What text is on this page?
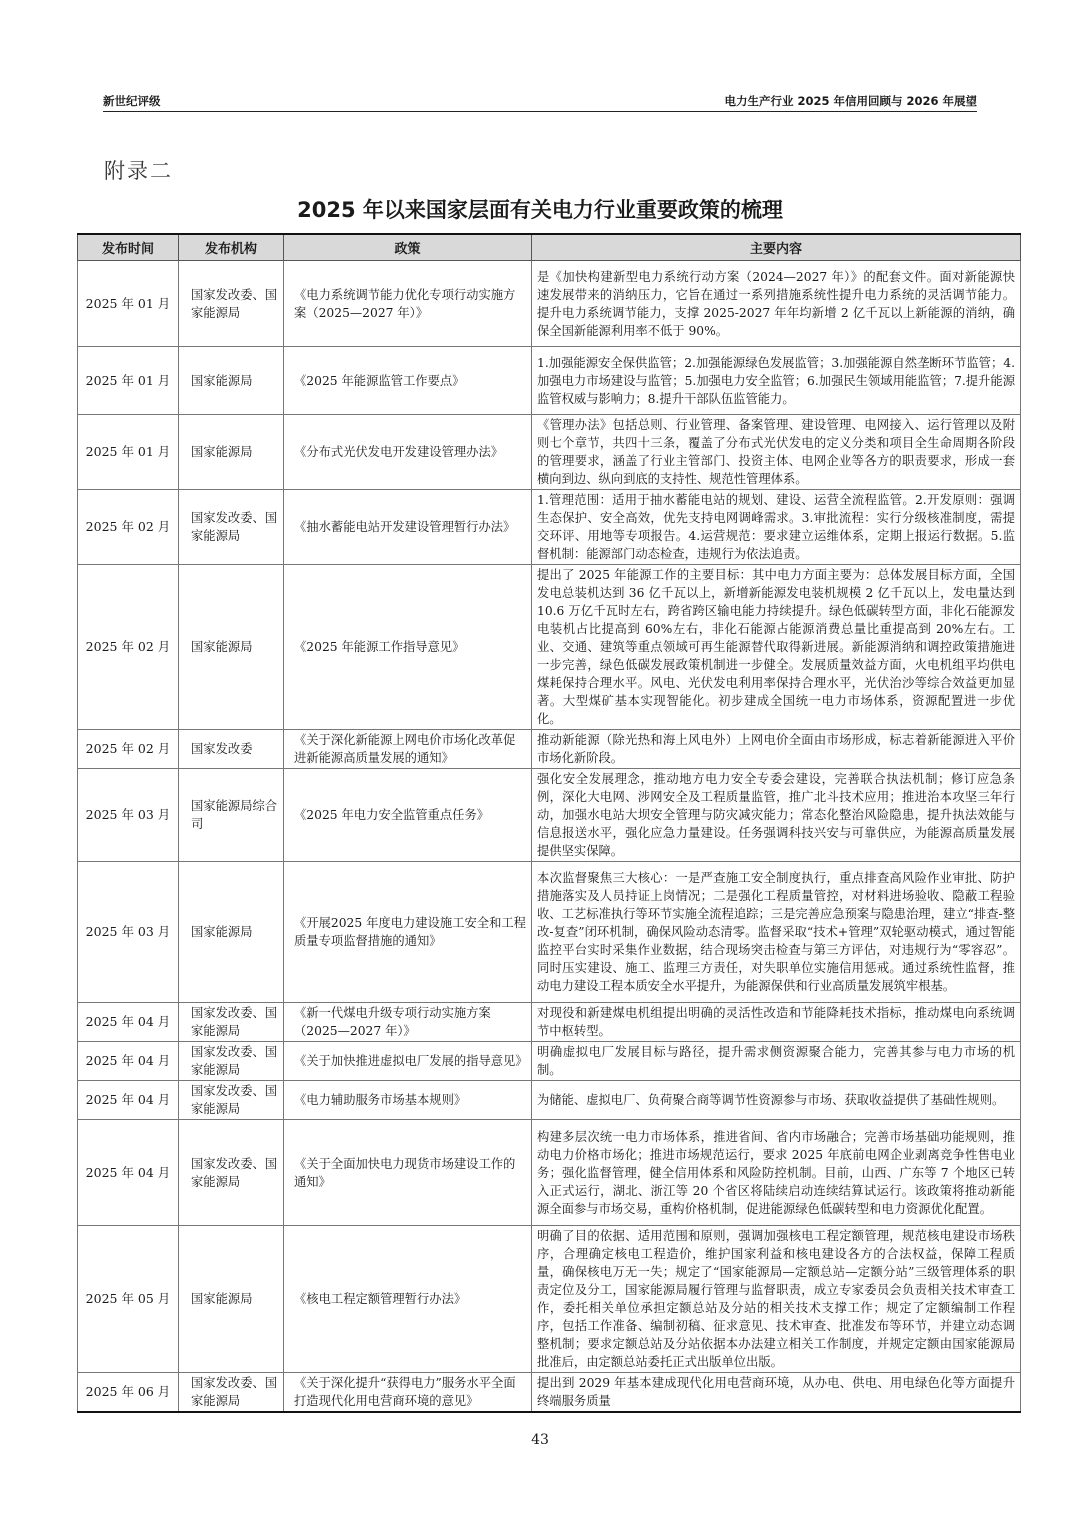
新世纪评级	电力生产行业 2025 年信用回顾与 2026 年展望
附录二
2025 年以来国家层面有关电力行业重要政策的梳理
发布时间	发布机构	政策	主要内容
2025 年 01 月	国家发改委、国家能源局	《电力系统调节能力优化专项行动实施方案（2025—2027 年）》	是《加快构建新型电力系统行动方案（2024—2027 年）》的配套文件。面对新能源快速发展带来的消纳压力，它旨在通过一系列措施系统性提升电力系统的灵活调节能力。提升电力系统调节能力，支撑 2025-2027 年年均新增 2 亿千瓦以上新能源的消纳，确保全国新能源利用率不低于 90%。
2025 年 01 月	国家能源局	《2025 年能源监管工作要点》	1.加强能源安全保供监管；2.加强能源绿色发展监管；3.加强能源自然垄断环节监管；4.加强电力市场建设与监管；5.加强电力安全监管；6.加强民生领域用能监管；7.提升能源监管权威与影响力；8.提升干部队伍监管能力。
2025 年 01 月	国家能源局	《分布式光伏发电开发建设管理办法》	《管理办法》包括总则、行业管理、备案管理、建设管理、电网接入、运行管理以及附则七个章节，共四十三条，覆盖了分布式光伏发电的定义分类和项目全生命周期各阶段的管理要求，涵盖了行业主管部门、投资主体、电网企业等各方的职责要求，形成一套横向到边、纵向到底的支持性、规范性管理体系。
2025 年 02 月	国家发改委、国家能源局	《抽水蓄能电站开发建设管理暂行办法》	1.管理范围：适用于抽水蓄能电站的规划、建设、运营全流程监管。2.开发原则：强调生态保护、安全高效，优先支持电网调峰需求。3.审批流程：实行分级核准制度，需提交环评、用地等专项报告。4.运营规范：要求建立运维体系，定期上报运行数据。5.监督机制：能源部门动态检查，违规行为依法追责。
2025 年 02 月	国家能源局	《2025 年能源工作指导意见》	提出了 2025 年能源工作的主要目标：其中电力方面主要为：总体发展目标方面，全国发电总装机达到 36 亿千瓦以上，新增新能源发电装机规模 2 亿千瓦以上，发电量达到 10.6 万亿千瓦时左右，跨省跨区输电能力持续提升。绿色低碳转型方面，非化石能源发电装机占比提高到 60%左右，非化石能源占能源消费总量比重提高到 20%左右。工业、交通、建筑等重点领域可再生能源替代取得新进展。新能源消纳和调控政策措施进一步完善，绿色低碳发展政策机制进一步健全。发展质量效益方面，火电机组平均供电煤耗保持合理水平。风电、光伏发电利用率保持合理水平，光伏治沙等综合效益更加显著。大型煤矿基本实现智能化。初步建成全国统一电力市场体系，资源配置进一步优化。
2025 年 02 月	国家发改委	《关于深化新能源上网电价市场化改革促进新能源高质量发展的通知》	推动新能源（除光热和海上风电外）上网电价全面由市场形成，标志着新能源进入平价市场化新阶段。
2025 年 03 月	国家能源局综合司	《2025 年电力安全监管重点任务》	强化安全发展理念，推动地方电力安全专委会建设，完善联合执法机制；修订应急条例，深化大电网、涉网安全及工程质量监管，推广北斗技术应用；推进治本攻坚三年行动，加强水电站大坝安全管理与防灾减灾能力；常态化整治风险隐患，提升执法效能与信息报送水平，强化应急力量建设。任务强调科技兴安与可靠供应，为能源高质量发展提供坚实保障。
2025 年 03 月	国家能源局	《开展2025 年度电力建设施工安全和工程质量专项监督措施的通知》	本次监督聚焦三大核心：一是严查施工安全制度执行，重点排查高风险作业审批、防护措施落实及人员持证上岗情况；二是强化工程质量管控，对材料进场验收、隐蔽工程验收、工艺标准执行等环节实施全流程追踪；三是完善应急预案与隐患治理，建立“排查-整改-复查”闭环机制，确保风险动态清零。监督采取“技术+管理”双轮驱动模式，通过智能监控平台实时采集作业数据，结合现场突击检查与第三方评估，对违规行为“零容忍”。同时压实建设、施工、监理三方责任，对失职单位实施信用惩戒。通过系统性监督，推动电力建设工程本质安全水平提升，为能源保供和行业高质量发展筑牢根基。
2025 年 04 月	国家发改委、国家能源局	《新一代煤电升级专项行动实施方案（2025—2027 年）》	对现役和新建煤电机组提出明确的灵活性改造和节能降耗技术指标，推动煤电向系统调节中枢转型。
2025 年 04 月	国家发改委、国家能源局	《关于加快推进虚拟电厂发展的指导意见》	明确虚拟电厂发展目标与路径，提升需求侧资源聚合能力，完善其参与电力市场的机制。
2025 年 04 月	国家发改委、国家能源局	《电力辅助服务市场基本规则》	为储能、虚拟电厂、负荷聚合商等调节性资源参与市场、获取收益提供了基础性规则。
2025 年 04 月	国家发改委、国家能源局	《关于全面加快电力现货市场建设工作的通知》	构建多层次统一电力市场体系，推进省间、省内市场融合；完善市场基础功能规则，推动电力价格市场化；推进市场规范运行，要求 2025 年底前电网企业剥离竞争性售电业务；强化监督管理，健全信用体系和风险防控机制。目前，山西、广东等 7 个地区已转入正式运行，湖北、浙江等 20 个省区将陆续启动连续结算试运行。该政策将推动新能源全面参与市场交易，重构价格机制，促进能源绿色低碳转型和电力资源优化配置。
2025 年 05 月	国家能源局	《核电工程定额管理暂行办法》	明确了目的依据、适用范围和原则，强调加强核电工程定额管理，规范核电建设市场秩序，合理确定核电工程造价，维护国家利益和核电建设各方的合法权益，保障工程质量，确保核电万无一失；规定了“国家能源局—定额总站—定额分站”三级管理体系的职责定位及分工，国家能源局履行管理与监督职责，成立专家委员会负责相关技术审查工作，委托相关单位承担定额总站及分站的相关技术支撑工作；规定了定额编制工作程序，包括工作准备、编制初稿、征求意见、技术审查、批准发布等环节，并建立动态调整机制；要求定额总站及分站依据本办法建立相关工作制度，并规定定额由国家能源局批准后，由定额总站委托正式出版单位出版。
2025 年 06 月	国家发改委、国家能源局	《关于深化提升“获得电力”服务水平全面打造现代化用电营商环境的意见》	提出到 2029 年基本建成现代化用电营商环境，从办电、供电、用电绿色化等方面提升终端服务质量
43
